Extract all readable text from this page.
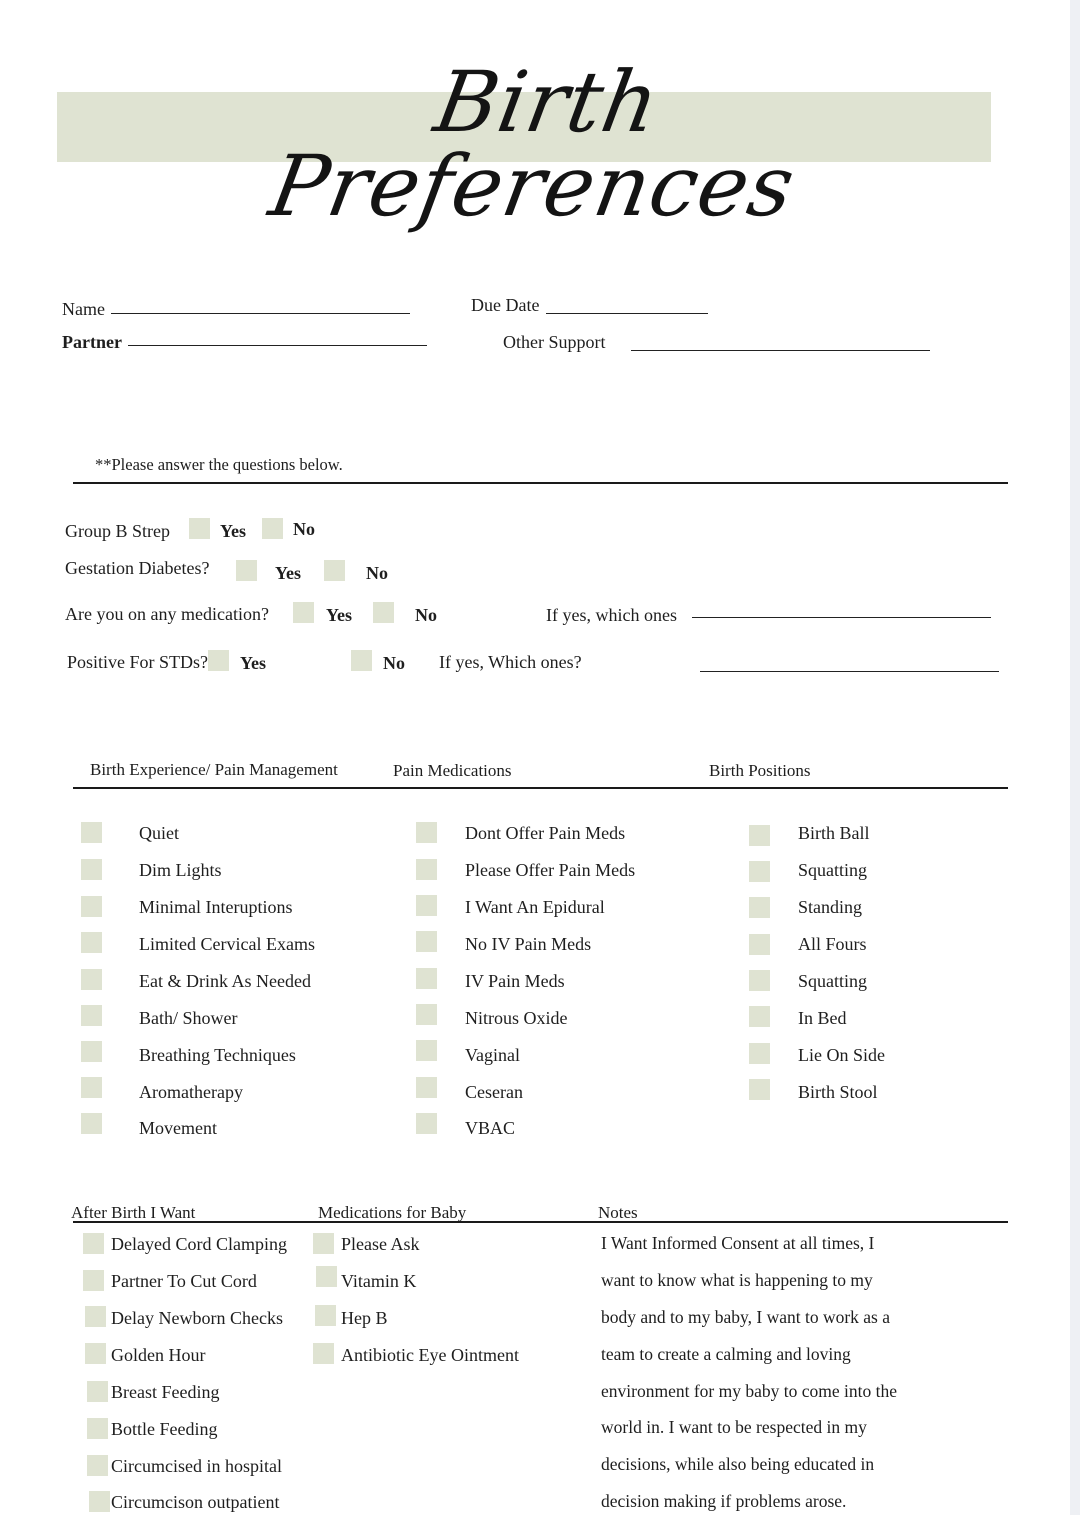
Birth Preferences
Name	Due Date
Partner	Other Support
**Please answer the questions below.
Group B Strep	Yes	No
Gestation Diabetes?	Yes	No
Are you on any medication?	Yes	No	If yes, which ones
Positive For STDs? Yes	No If yes, Which ones?
Birth Experience/ Pain Management	Pain Medications	Birth Positions
Quiet
Dim Lights
Minimal Interuptions
Limited Cervical Exams
Eat & Drink As Needed
Bath/ Shower
Breathing Techniques
Aromatherapy
Movement
Dont Offer Pain Meds
Please Offer Pain Meds
I Want An Epidural
No IV Pain Meds
IV Pain Meds
Nitrous Oxide
Vaginal
Ceseran
VBAC
Birth Ball
Squatting
Standing
All Fours
Squatting
In Bed
Lie On Side
Birth Stool
After Birth I Want	Medications for Baby	Notes
Delayed Cord Clamping
Partner To Cut Cord
Delay Newborn Checks
Golden Hour
Breast Feeding
Bottle Feeding
Circumcised in hospital
Circumcison outpatient
Please Ask
Vitamin K
Hep B
Antibiotic Eye Ointment
I Want Informed Consent at all times, I
want to know what is happening to my
body and to my baby, I want to work as a
team to create a calming and loving
environment for my baby to come into the
world in. I want to be respected in my
decisions, while also being educated in
decision making if problems arose.
